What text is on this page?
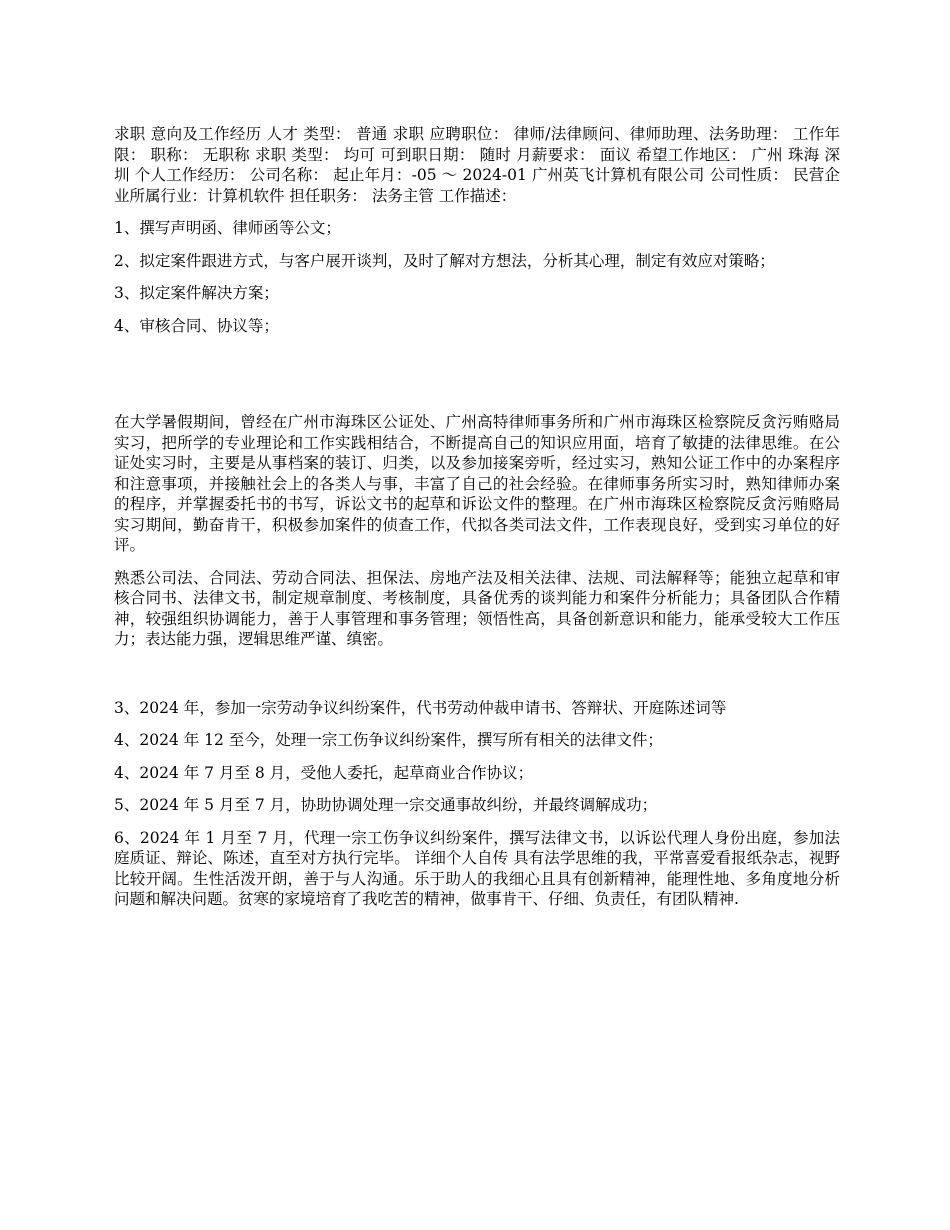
求职 意向及工作经历 人才 类型： 普通 求职 应聘职位： 律师/法律顾问、律师助理、法务助理： 工作年限： 职称： 无职称 求职 类型： 均可 可到职日期： 随时 月薪要求： 面议 希望工作地区： 广州 珠海 深圳 个人工作经历： 公司名称： 起止年月：-05 ～ 2024-01 广州英飞计算机有限公司 公司性质： 民营企业所属行业：计算机软件 担任职务： 法务主管 工作描述：

1、撰写声明函、律师函等公文；

2、拟定案件跟进方式，与客户展开谈判，及时了解对方想法，分析其心理，制定有效应对策略；

3、拟定案件解决方案；

4、审核合同、协议等；

在大学暑假期间，曾经在广州市海珠区公证处、广州高特律师事务所和广州市海珠区检察院反贪污贿赂局实习，把所学的专业理论和工作实践相结合，不断提高自己的知识应用面，培育了敏捷的法律思维。在公证处实习时，主要是从事档案的装订、归类，以及参加接案旁听，经过实习，熟知公证工作中的办案程序和注意事项，并接触社会上的各类人与事，丰富了自己的社会经验。在律师事务所实习时，熟知律师办案的程序，并掌握委托书的书写，诉讼文书的起草和诉讼文件的整理。在广州市海珠区检察院反贪污贿赂局实习期间，勤奋肯干，积极参加案件的侦查工作，代拟各类司法文件，工作表现良好，受到实习单位的好评。

熟悉公司法、合同法、劳动合同法、担保法、房地产法及相关法律、法规、司法解释等；能独立起草和审核合同书、法律文书，制定规章制度、考核制度，具备优秀的谈判能力和案件分析能力；具备团队合作精神，较强组织协调能力，善于人事管理和事务管理；领悟性高，具备创新意识和能力，能承受较大工作压力；表达能力强，逻辑思维严谨、缜密。

3、2024 年，参加一宗劳动争议纠纷案件，代书劳动仲裁申请书、答辩状、开庭陈述词等

4、2024 年 12 至今，处理一宗工伤争议纠纷案件，撰写所有相关的法律文件；

4、2024 年 7 月至 8 月，受他人委托，起草商业合作协议；

5、2024 年 5 月至 7 月，协助协调处理一宗交通事故纠纷，并最终调解成功；

6、2024 年 1 月至 7 月，代理一宗工伤争议纠纷案件，撰写法律文书，以诉讼代理人身份出庭，参加法庭质证、辩论、陈述，直至对方执行完毕。 详细个人自传 具有法学思维的我，平常喜爱看报纸杂志，视野比较开阔。生性活泼开朗，善于与人沟通。乐于助人的我细心且具有创新精神，能理性地、多角度地分析问题和解决问题。贫寒的家境培育了我吃苦的精神，做事肯干、仔细、负责任，有团队精神.
